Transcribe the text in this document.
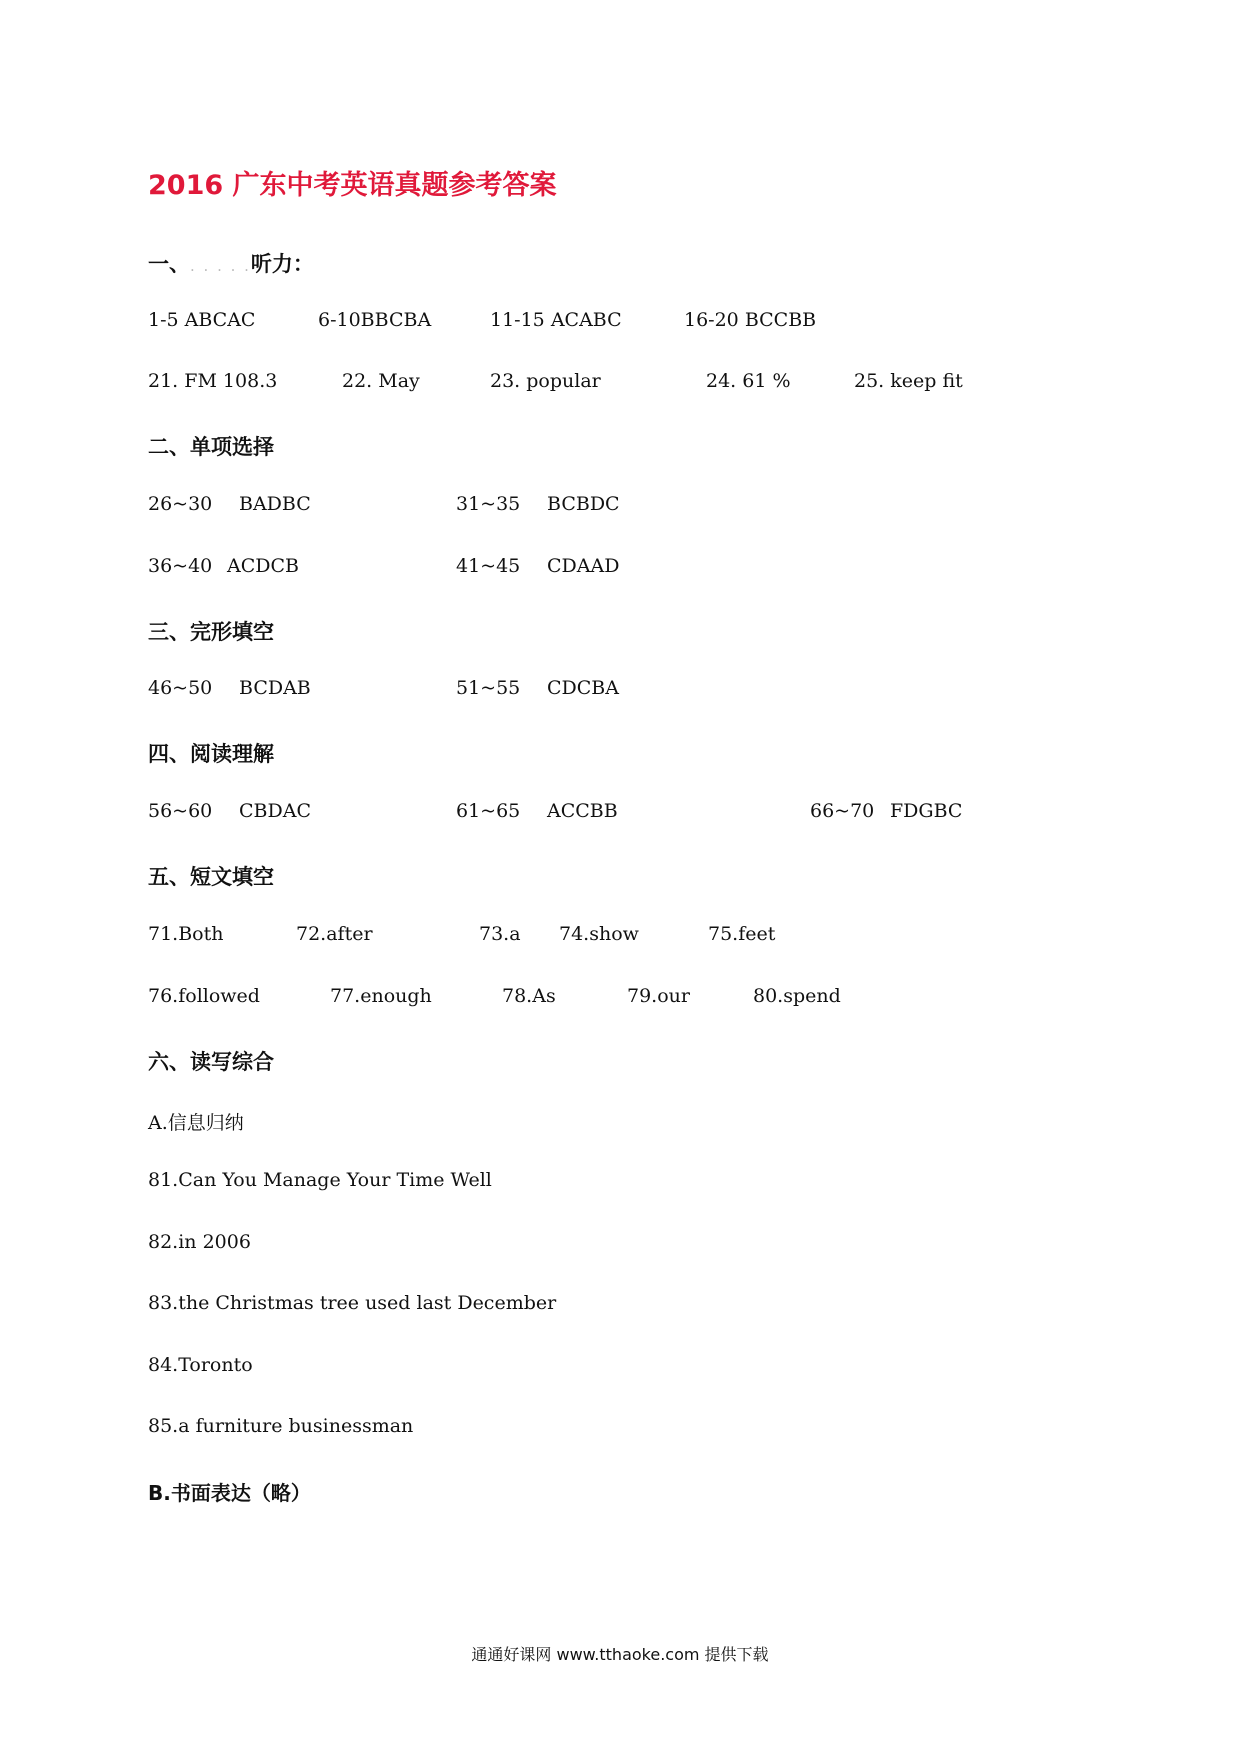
2016 广东中考英语真题参考答案
一、. . . . .听力：
1-5 ABCAC	6-10BBCBA	11-15 ACABC	16-20 BCCBB
21. FM 108.3	22. May	23. popular	24. 61 %	25. keep fit
二、单项选择
26~30 BADBC	31~35 BCBDC
36~40 ACDCB	41~45 CDAAD
三、完形填空
46~50 BCDAB	51~55 CDCBA
四、阅读理解
56~60 CBDAC	61~65 ACCBB	66~70 FDGBC
五、短文填空
71.Both	72.after	73.a 74.show	75.feet
76.followed	77.enough	78.As	79.our	80.spend
六、读写综合
A.信息归纳
81.Can You Manage Your Time Well
82.in 2006
83.the Christmas tree used last December
84.Toronto
85.a furniture businessman
B.书面表达（略）
通通好课网 www.tthaoke.com 提供下载
